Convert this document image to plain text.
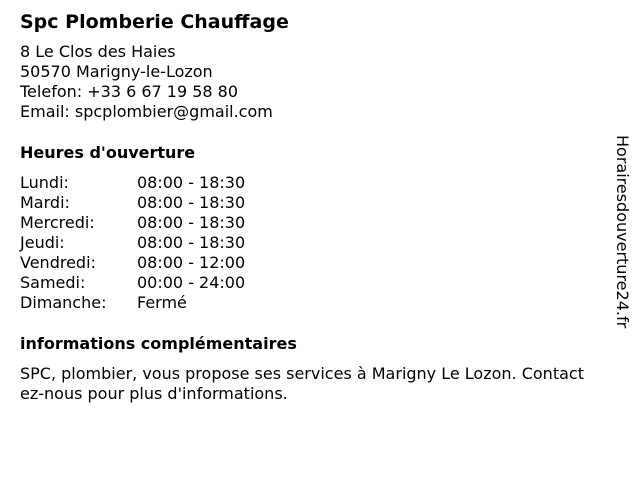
Spc Plomberie Chauffage
8 Le Clos des Haies
50570 Marigny-le-Lozon
Telefon: +33 6 67 19 58 80
Email: spcplombier@gmail.com
Heures d'ouverture
Lundi:	08:00 - 18:30
Mardi:	08:00 - 18:30
Mercredi:	08:00 - 18:30
Jeudi:	08:00 - 18:30
Vendredi:	08:00 - 12:00
Samedi:	00:00 - 24:00
Dimanche:	Fermé
informations complémentaires
SPC, plombier, vous propose ses services à Marigny Le Lozon. Contactez-nous pour plus d'informations.
Horairesdouverture24.fr
